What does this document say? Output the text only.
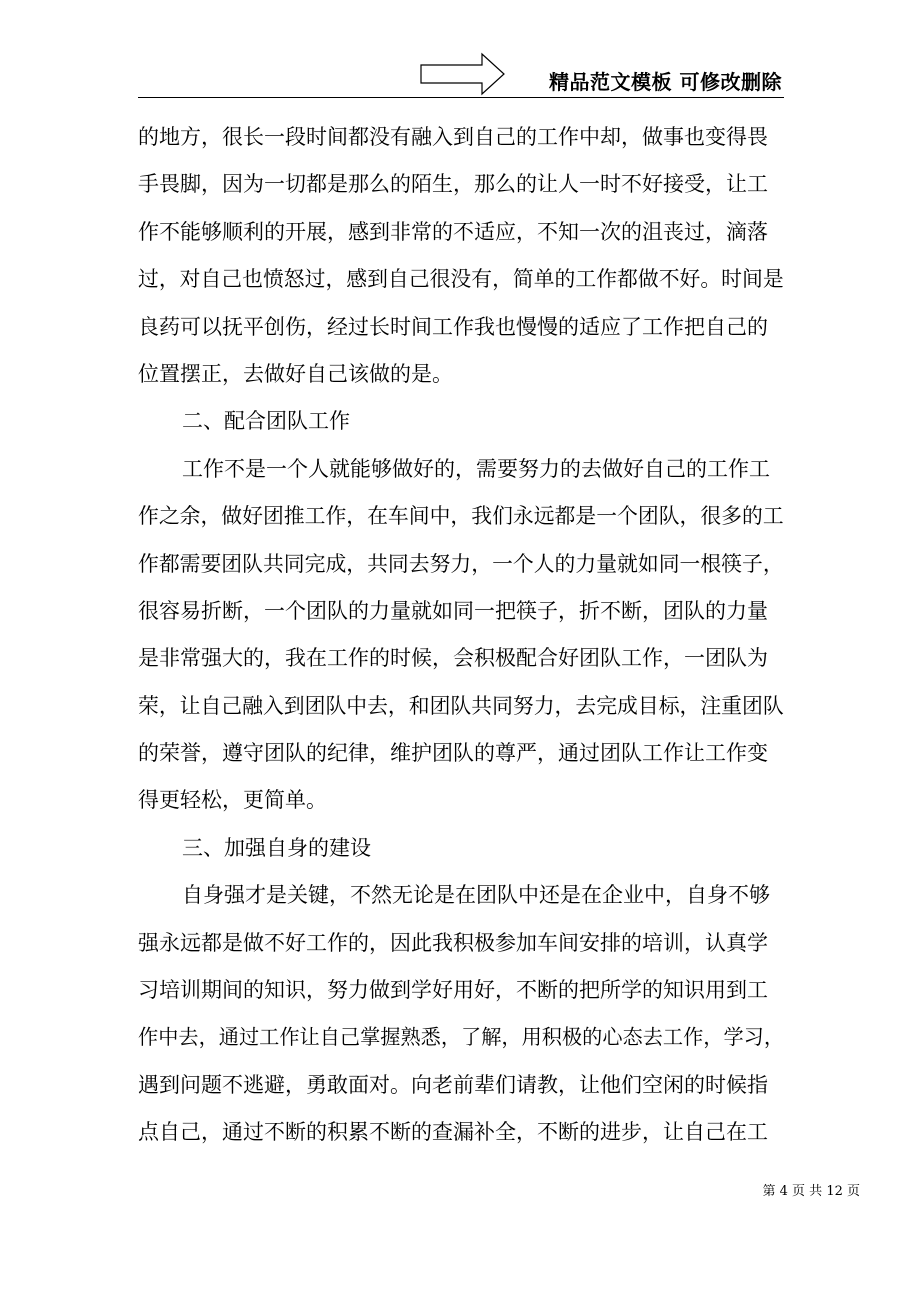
精品范文模板 可修改删除
的地方，很长一段时间都没有融入到自己的工作中却，做事也变得畏
手畏脚，因为一切都是那么的陌生，那么的让人一时不好接受，让工
作不能够顺利的开展，感到非常的不适应，不知一次的沮丧过，滴落
过，对自己也愤怒过，感到自己很没有，简单的工作都做不好。时间是
良药可以抚平创伤，经过长时间工作我也慢慢的适应了工作把自己的
位置摆正，去做好自己该做的是。
二、配合团队工作
工作不是一个人就能够做好的，需要努力的去做好自己的工作工
作之余，做好团推工作，在车间中，我们永远都是一个团队，很多的工
作都需要团队共同完成，共同去努力，一个人的力量就如同一根筷子，
很容易折断，一个团队的力量就如同一把筷子，折不断，团队的力量
是非常强大的，我在工作的时候，会积极配合好团队工作，一团队为
荣，让自己融入到团队中去，和团队共同努力，去完成目标，注重团队
的荣誉，遵守团队的纪律，维护团队的尊严，通过团队工作让工作变
得更轻松，更简单。
三、加强自身的建设
自身强才是关键，不然无论是在团队中还是在企业中，自身不够
强永远都是做不好工作的，因此我积极参加车间安排的培训，认真学
习培训期间的知识，努力做到学好用好，不断的把所学的知识用到工
作中去，通过工作让自己掌握熟悉，了解，用积极的心态去工作，学习，
遇到问题不逃避，勇敢面对。向老前辈们请教，让他们空闲的时候指
点自己，通过不断的积累不断的查漏补全，不断的进步，让自己在工
第 4 页 共 12 页
